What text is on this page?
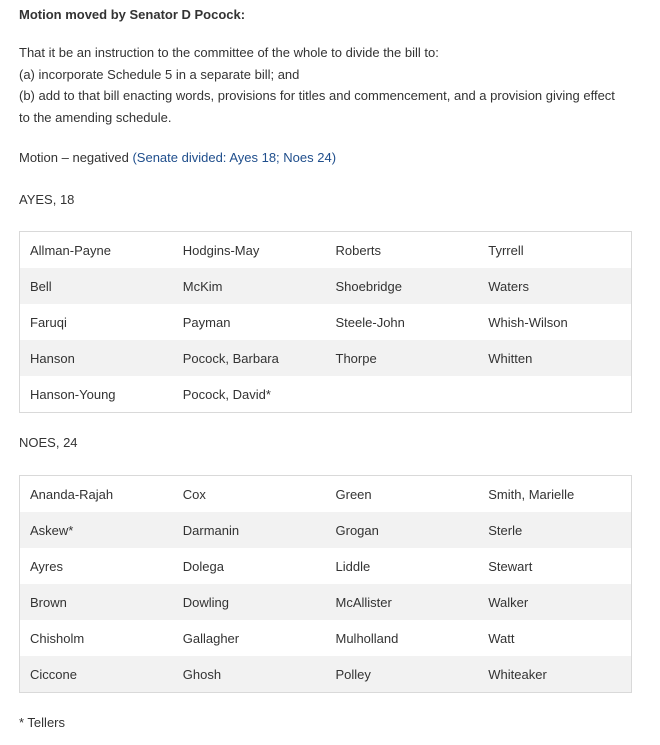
Motion moved by Senator D Pocock:
That it be an instruction to the committee of the whole to divide the bill to:
(a) incorporate Schedule 5 in a separate bill; and
(b) add to that bill enacting words, provisions for titles and commencement, and a provision giving effect
to the amending schedule.
Motion – negatived (Senate divided: Ayes 18; Noes 24)
AYES, 18
Allman-Payne	Hodgins-May	Roberts	Tyrrell
Bell	McKim	Shoebridge	Waters
Faruqi	Payman	Steele-John	Whish-Wilson
Hanson	Pocock, Barbara	Thorpe	Whitten
Hanson-Young	Pocock, David*
NOES, 24
Ananda-Rajah	Cox	Green	Smith, Marielle
Askew*	Darmanin	Grogan	Sterle
Ayres	Dolega	Liddle	Stewart
Brown	Dowling	McAllister	Walker
Chisholm	Gallagher	Mulholland	Watt
Ciccone	Ghosh	Polley	Whiteaker
* Tellers
